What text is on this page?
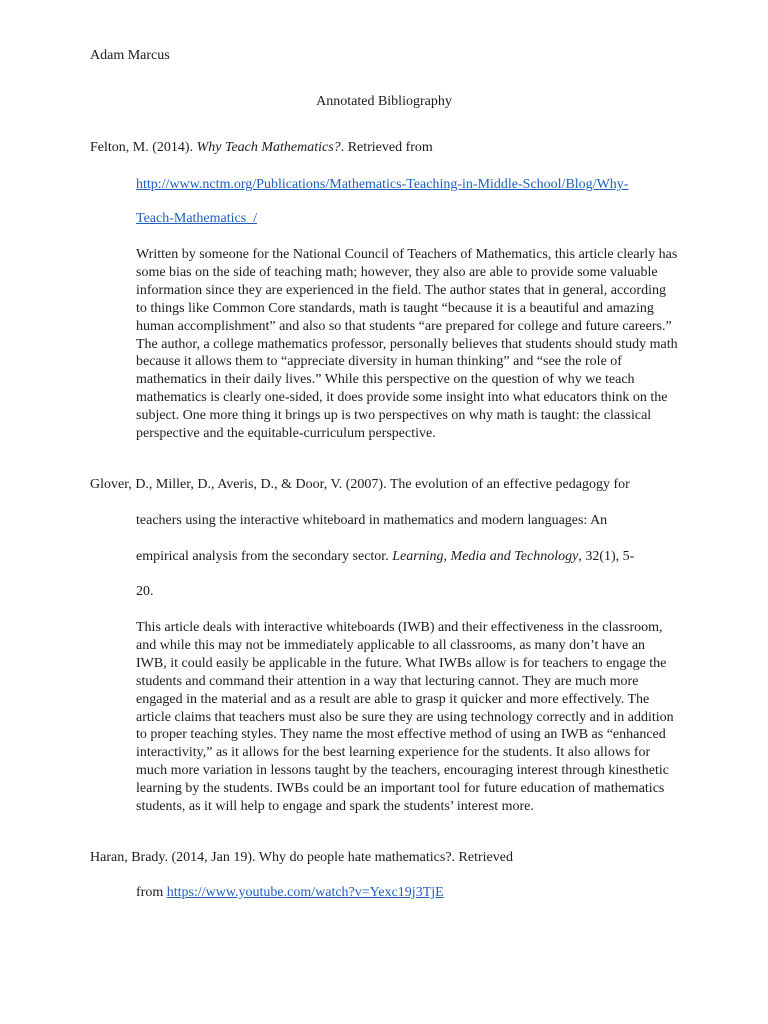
Adam Marcus
Annotated Bibliography
Felton, M. (2014). Why Teach Mathematics?. Retrieved from
http://www.nctm.org/Publications/Mathematics-Teaching-in-Middle-School/Blog/Why-
Teach-Mathematics_/
Written by someone for the National Council of Teachers of Mathematics, this article clearly has some bias on the side of teaching math; however, they also are able to provide some valuable information since they are experienced in the field. The author states that in general, according to things like Common Core standards, math is taught “because it is a beautiful and amazing human accomplishment” and also so that students “are prepared for college and future careers.” The author, a college mathematics professor, personally believes that students should study math because it allows them to “appreciate diversity in human thinking” and “see the role of mathematics in their daily lives.” While this perspective on the question of why we teach mathematics is clearly one-sided, it does provide some insight into what educators think on the subject. One more thing it brings up is two perspectives on why math is taught: the classical perspective and the equitable-curriculum perspective.
Glover, D., Miller, D., Averis, D., & Door, V. (2007). The evolution of an effective pedagogy for
teachers using the interactive whiteboard in mathematics and modern languages: An
empirical analysis from the secondary sector. Learning, Media and Technology, 32(1), 5-
20.
This article deals with interactive whiteboards (IWB) and their effectiveness in the classroom, and while this may not be immediately applicable to all classrooms, as many don’t have an IWB, it could easily be applicable in the future. What IWBs allow is for teachers to engage the students and command their attention in a way that lecturing cannot. They are much more engaged in the material and as a result are able to grasp it quicker and more effectively. The article claims that teachers must also be sure they are using technology correctly and in addition to proper teaching styles. They name the most effective method of using an IWB as “enhanced interactivity,” as it allows for the best learning experience for the students. It also allows for much more variation in lessons taught by the teachers, encouraging interest through kinesthetic learning by the students. IWBs could be an important tool for future education of mathematics students, as it will help to engage and spark the students’ interest more.
Haran, Brady. (2014, Jan 19). Why do people hate mathematics?. Retrieved
from https://www.youtube.com/watch?v=Yexc19j3TjE
